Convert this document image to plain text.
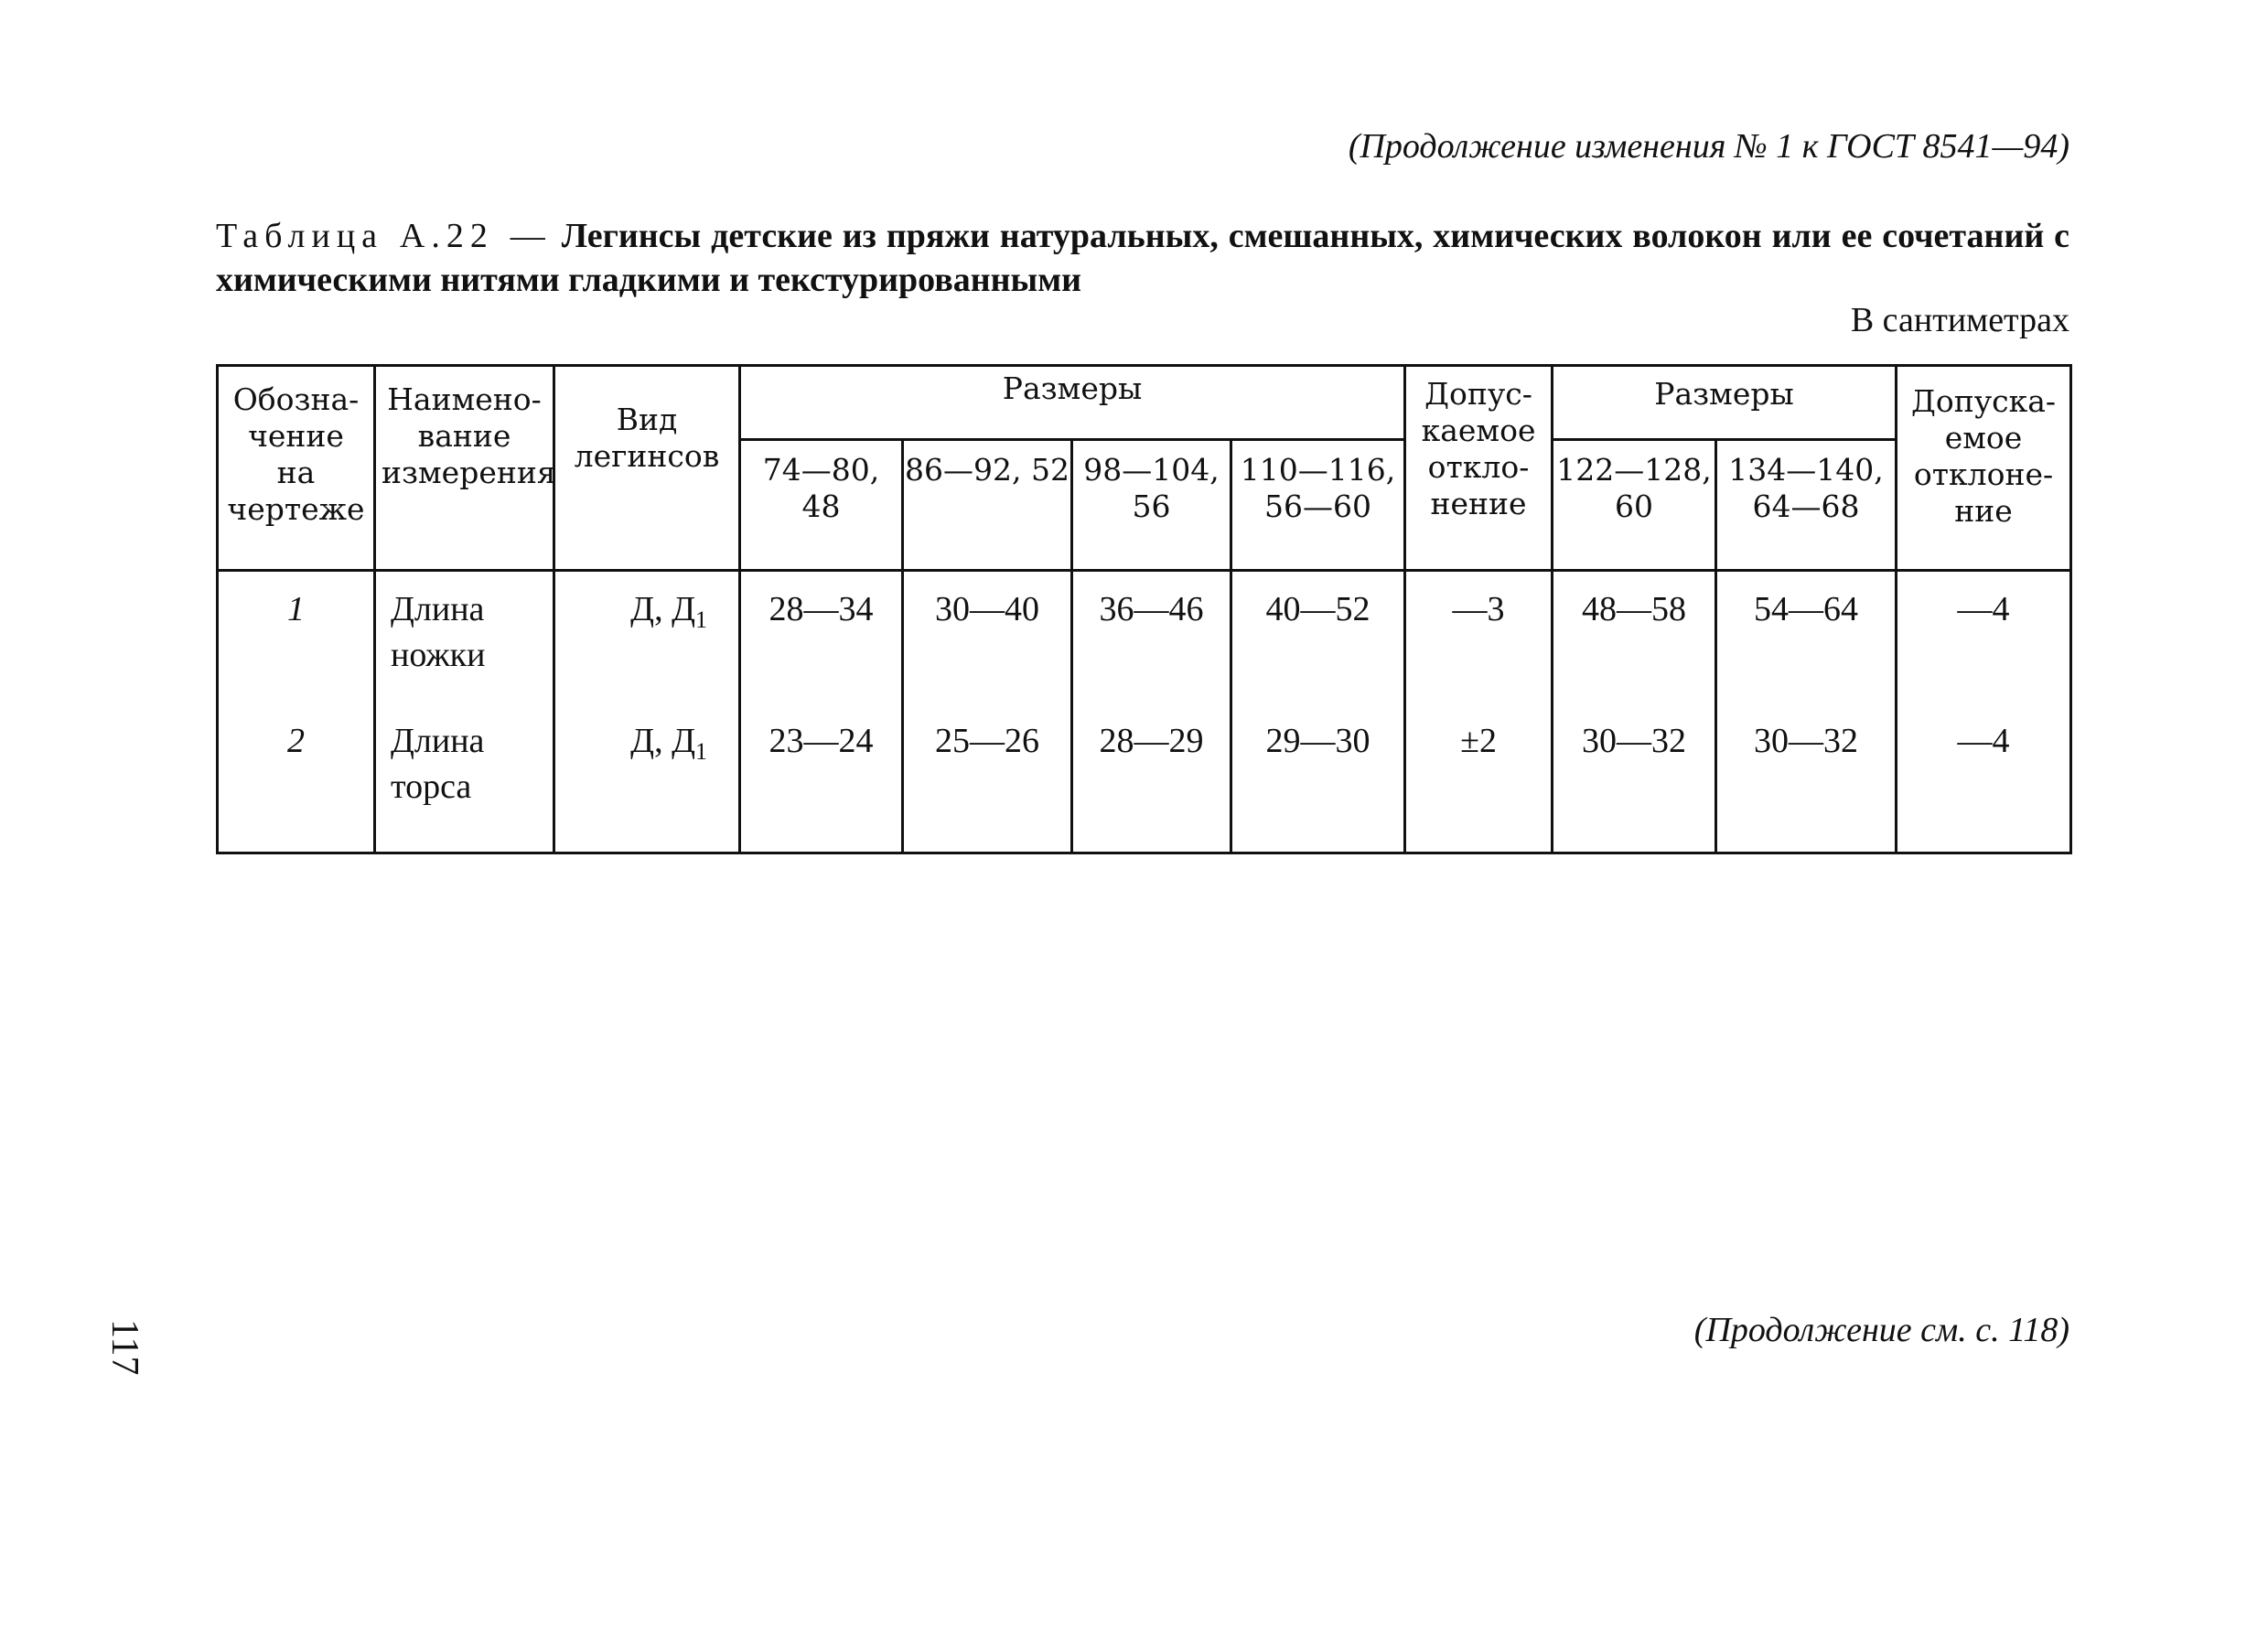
(Продолжение изменения № 1 к ГОСТ 8541—94)
Таблица А.22 — Легинсы детские из пряжи натуральных, смешанных, химических волокон или ее сочетаний с химическими нитями гладкими и текстурированными
В сантиметрах
Обозна-чение на чертеже	Наимено-вание измерения	Вид легинсов	Размеры				Допус-каемое откло-нение	Размеры		Допуска-емое отклоне-ние
			74—80, 48	86—92, 52	98—104, 56	110—116, 56—60		122—128, 60	134—140, 64—68	
1	Длина ножки	Д, $Д_1$	28—34	30—40	36—46	40—52	—3	48—58	54—64	—4
2	Длина торса	Д, $Д_1$	23—24	25—26	28—29	29—30	±2	30—32	30—32	—4
117	(Продолжение см. с. 118)
